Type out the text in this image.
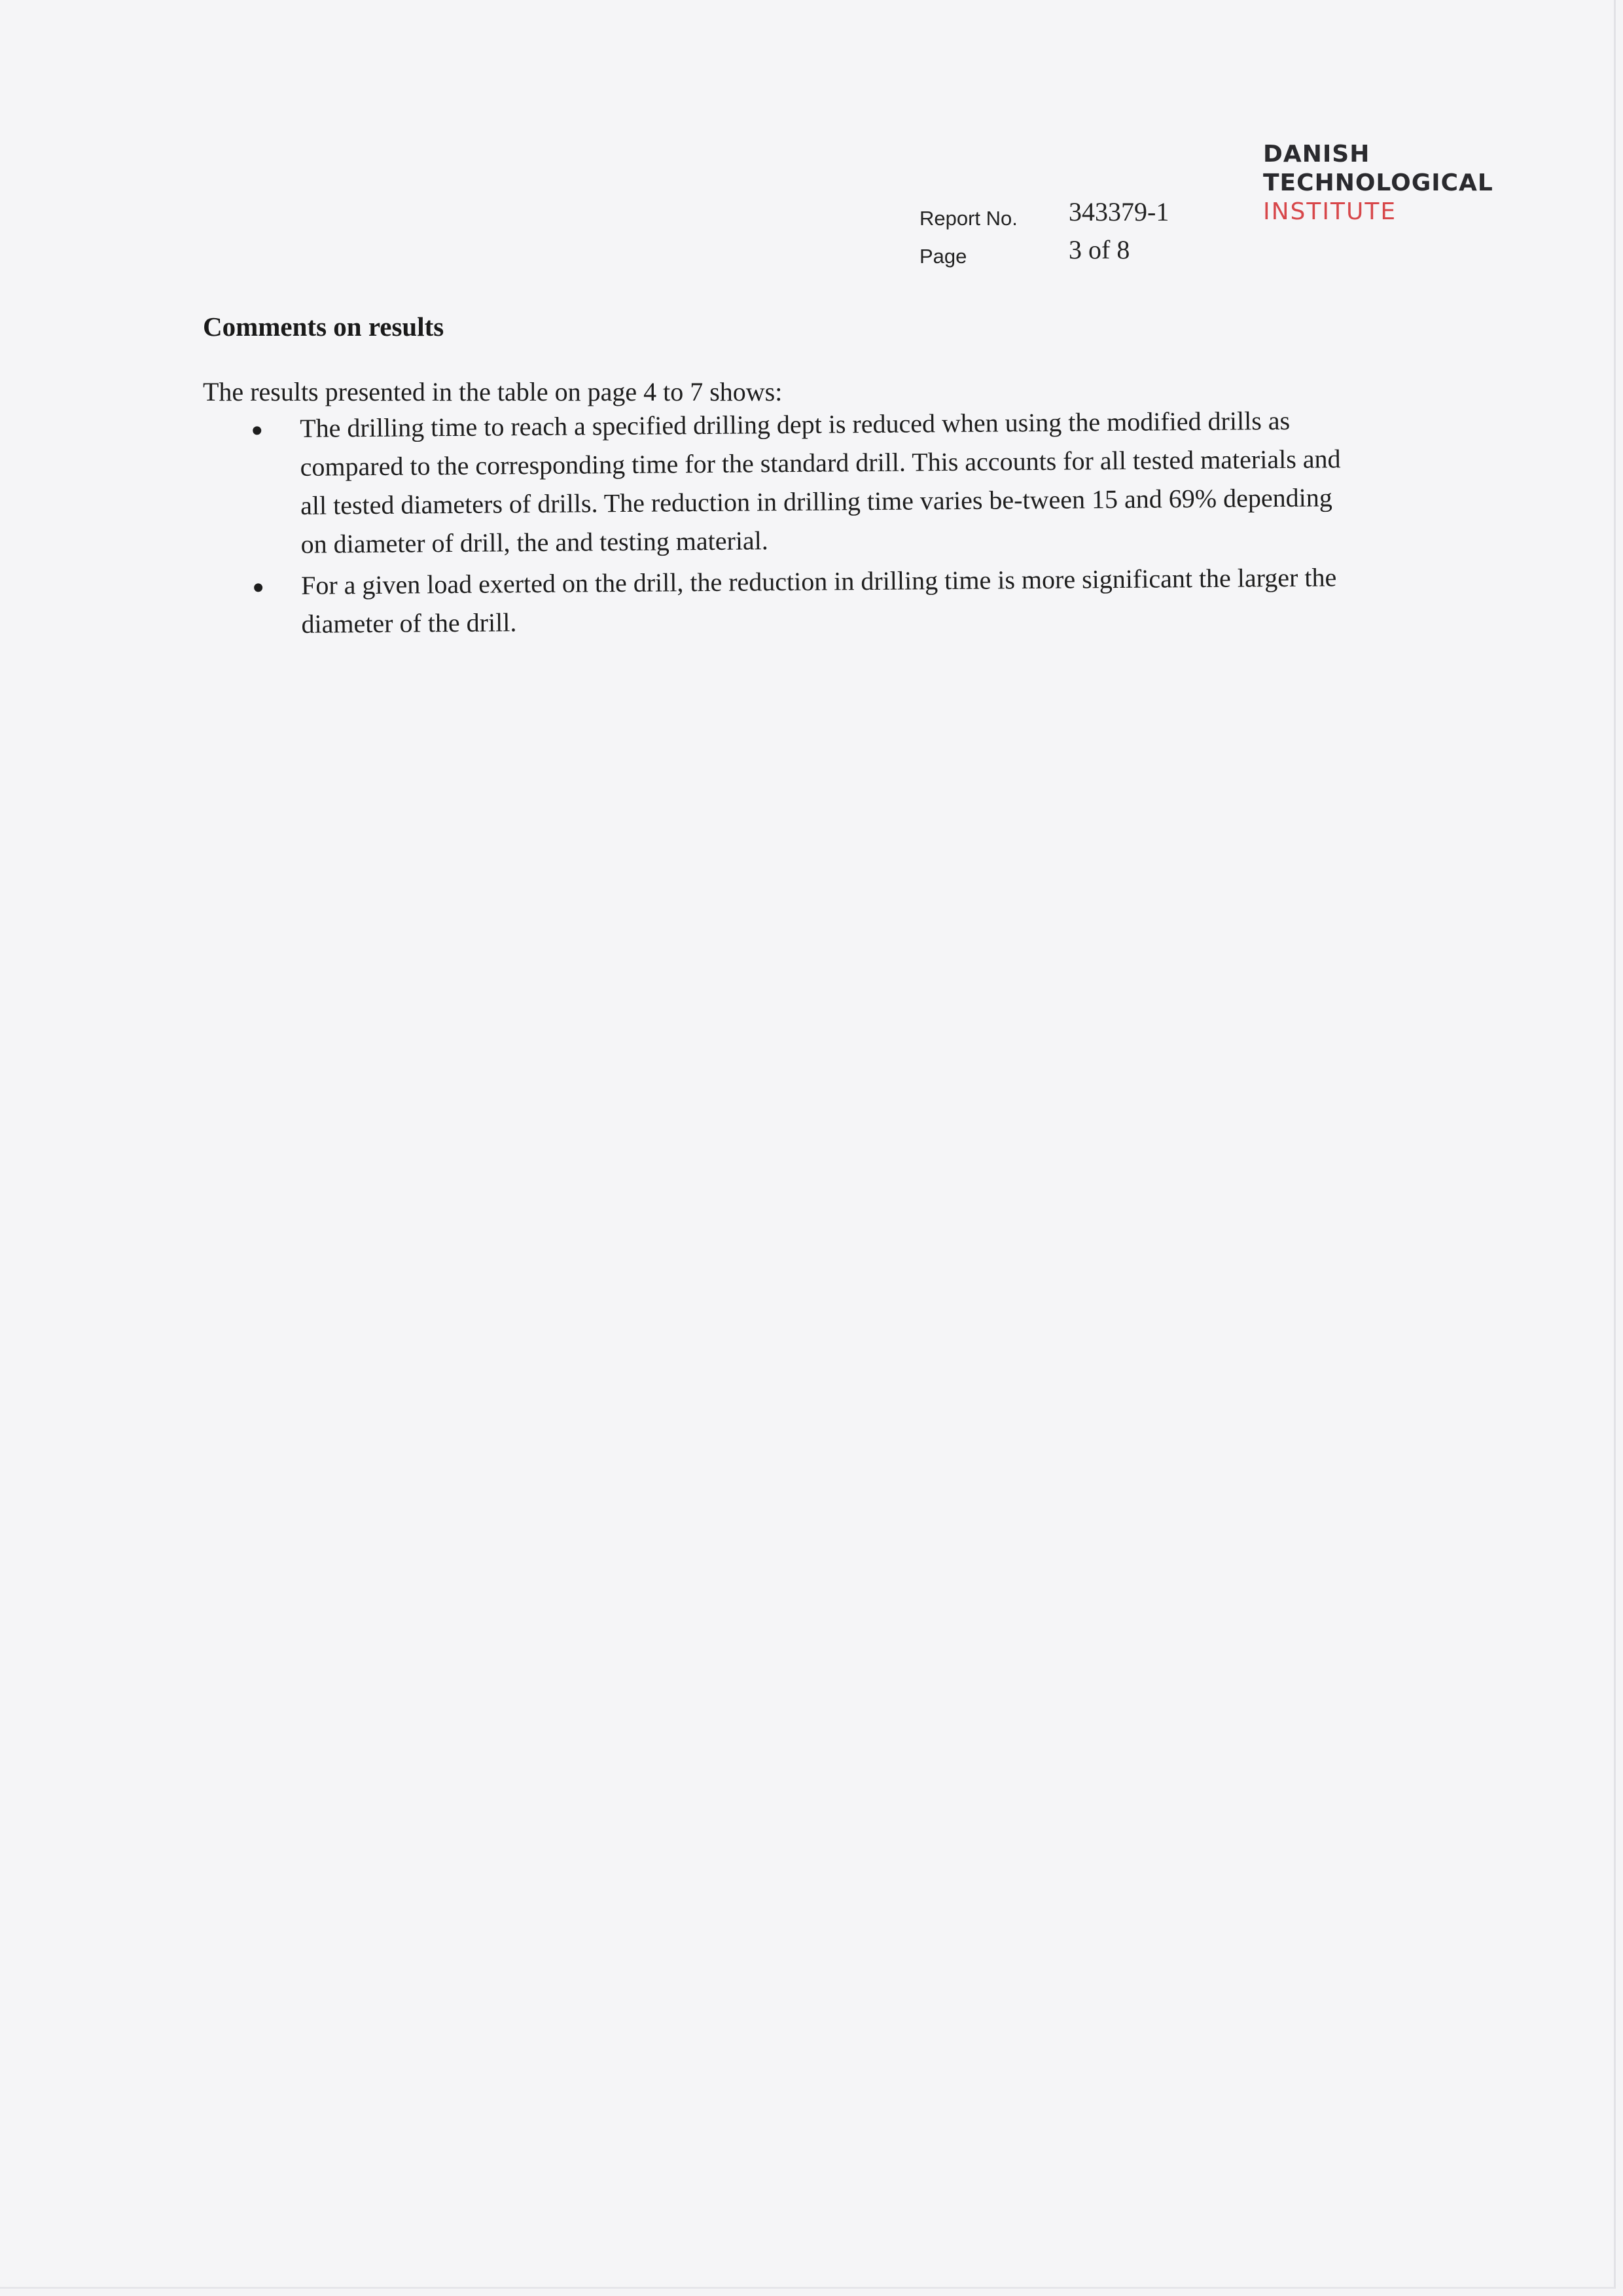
DANISH
TECHNOLOGICAL
INSTITUTE
Report No. 343379-1
Page	3 of 8
Comments on results
The results presented in the table on page 4 to 7 shows:
The drilling time to reach a specified drilling dept is reduced when using the modified drills as compared to the corresponding time for the standard drill. This accounts for all tested materials and all tested diameters of drills. The reduction in drilling time varies be-tween 15 and 69% depending on diameter of drill, the and testing material.
For a given load exerted on the drill, the reduction in drilling time is more significant the larger the diameter of the drill.
